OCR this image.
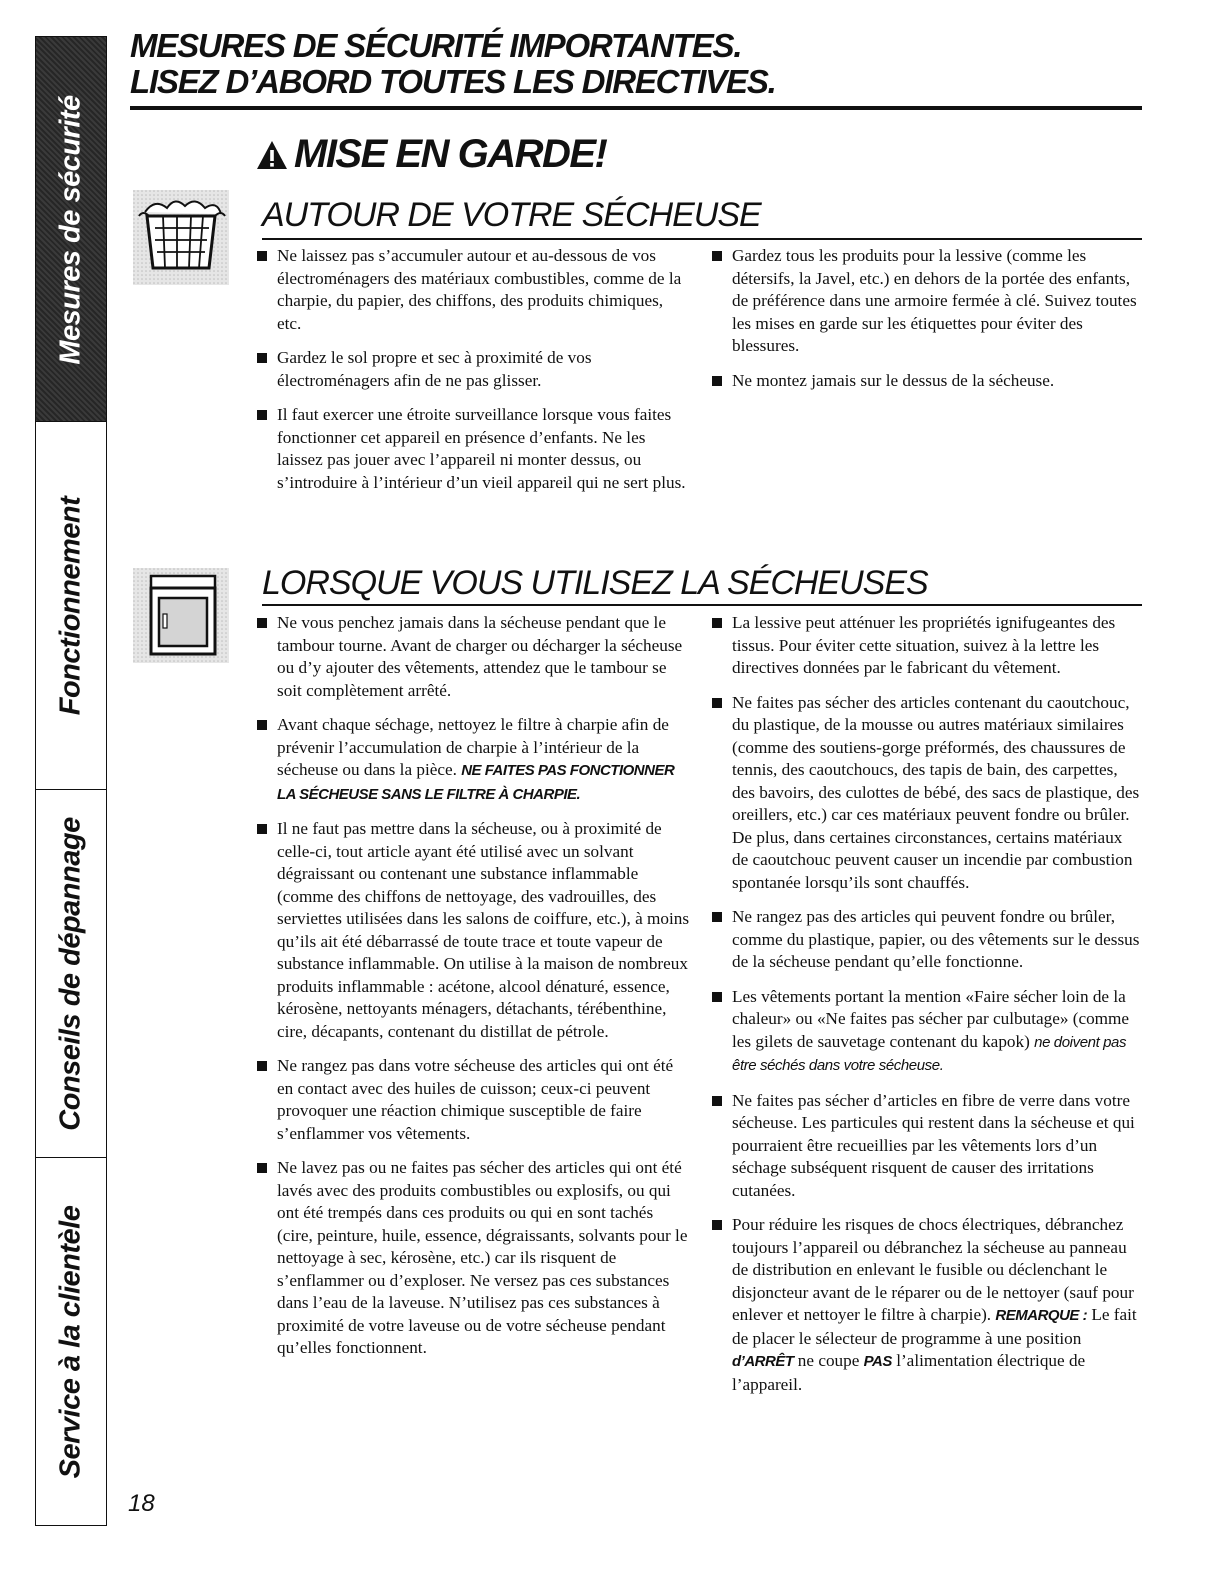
Mesures de sécurité
Fonctionnement
Conseils de dépannage
Service à la clientèle
MESURES DE SÉCURITÉ IMPORTANTES.
LISEZ D’ABORD TOUTES LES DIRECTIVES.
MISE EN GARDE!
AUTOUR DE VOTRE SÉCHEUSE
Ne laissez pas s’accumuler autour et au-dessous de vos électroménagers des matériaux combustibles, comme de la charpie, du papier, des chiffons, des produits chimiques, etc.
Gardez le sol propre et sec à proximité de vos électroménagers afin de ne pas glisser.
Il faut exercer une étroite surveillance lorsque vous faites fonctionner cet appareil en présence d’enfants. Ne les laissez pas jouer avec l’appareil ni monter dessus, ou s’introduire à l’intérieur d’un vieil appareil qui ne sert plus.
Gardez tous les produits pour la lessive (comme les détersifs, la Javel, etc.) en dehors de la portée des enfants, de préférence dans une armoire fermée à clé. Suivez toutes les mises en garde sur les étiquettes pour éviter des blessures.
Ne montez jamais sur le dessus de la sécheuse.
LORSQUE VOUS UTILISEZ LA SÉCHEUSES
Ne vous penchez jamais dans la sécheuse pendant que le tambour tourne. Avant de charger ou décharger la sécheuse ou d’y ajouter des vêtements, attendez que le tambour se soit complètement arrêté.
Avant chaque séchage, nettoyez le filtre à charpie afin de prévenir l’accumulation de charpie à l’intérieur de la sécheuse ou dans la pièce. NE FAITES PAS FONCTIONNER LA SÉCHEUSE SANS LE FILTRE À CHARPIE.
Il ne faut pas mettre dans la sécheuse, ou à proximité de celle-ci, tout article ayant été utilisé avec un solvant dégraissant ou contenant une substance inflammable (comme des chiffons de nettoyage, des vadrouilles, des serviettes utilisées dans les salons de coiffure, etc.), à moins qu’ils ait été débarrassé de toute trace et toute vapeur de substance inflammable. On utilise à la maison de nombreux produits inflammable : acétone, alcool dénaturé, essence, kérosène, nettoyants ménagers, détachants, térébenthine, cire, décapants, contenant du distillat de pétrole.
Ne rangez pas dans votre sécheuse des articles qui ont été en contact avec des huiles de cuisson; ceux-ci peuvent provoquer une réaction chimique susceptible de faire s’enflammer vos vêtements.
Ne lavez pas ou ne faites pas sécher des articles qui ont été lavés avec des produits combustibles ou explosifs, ou qui ont été trempés dans ces produits ou qui en sont tachés (cire, peinture, huile, essence, dégraissants, solvants pour le nettoyage à sec, kérosène, etc.) car ils risquent de s’enflammer ou d’exploser. Ne versez pas ces substances dans l’eau de la laveuse. N’utilisez pas ces substances à proximité de votre laveuse ou de votre sécheuse pendant qu’elles fonctionnent.
La lessive peut atténuer les propriétés ignifugeantes des tissus. Pour éviter cette situation, suivez à la lettre les directives données par le fabricant du vêtement.
Ne faites pas sécher des articles contenant du caoutchouc, du plastique, de la mousse ou autres matériaux similaires (comme des soutiens-gorge préformés, des chaussures de tennis, des caoutchoucs, des tapis de bain, des carpettes, des bavoirs, des culottes de bébé, des sacs de plastique, des oreillers, etc.) car ces matériaux peuvent fondre ou brûler. De plus, dans certaines circonstances, certains matériaux de caoutchouc peuvent causer un incendie par combustion spontanée lorsqu’ils sont chauffés.
Ne rangez pas des articles qui peuvent fondre ou brûler, comme du plastique, papier, ou des vêtements sur le dessus de la sécheuse pendant qu’elle fonctionne.
Les vêtements portant la mention «Faire sécher loin de la chaleur» ou «Ne faites pas sécher par culbutage» (comme les gilets de sauvetage contenant du kapok) ne doivent pas être séchés dans votre sécheuse.
Ne faites pas sécher d’articles en fibre de verre dans votre sécheuse. Les particules qui restent dans la sécheuse et qui pourraient être recueillies par les vêtements lors d’un séchage subséquent risquent de causer des irritations cutanées.
Pour réduire les risques de chocs électriques, débranchez toujours l’appareil ou débranchez la sécheuse au panneau de distribution en enlevant le fusible ou déclenchant le disjoncteur avant de le réparer ou de le nettoyer (sauf pour enlever et nettoyer le filtre à charpie). REMARQUE : Le fait de placer le sélecteur de programme à une position d’ARRÊT ne coupe PAS l’alimentation électrique de l’appareil.
18
